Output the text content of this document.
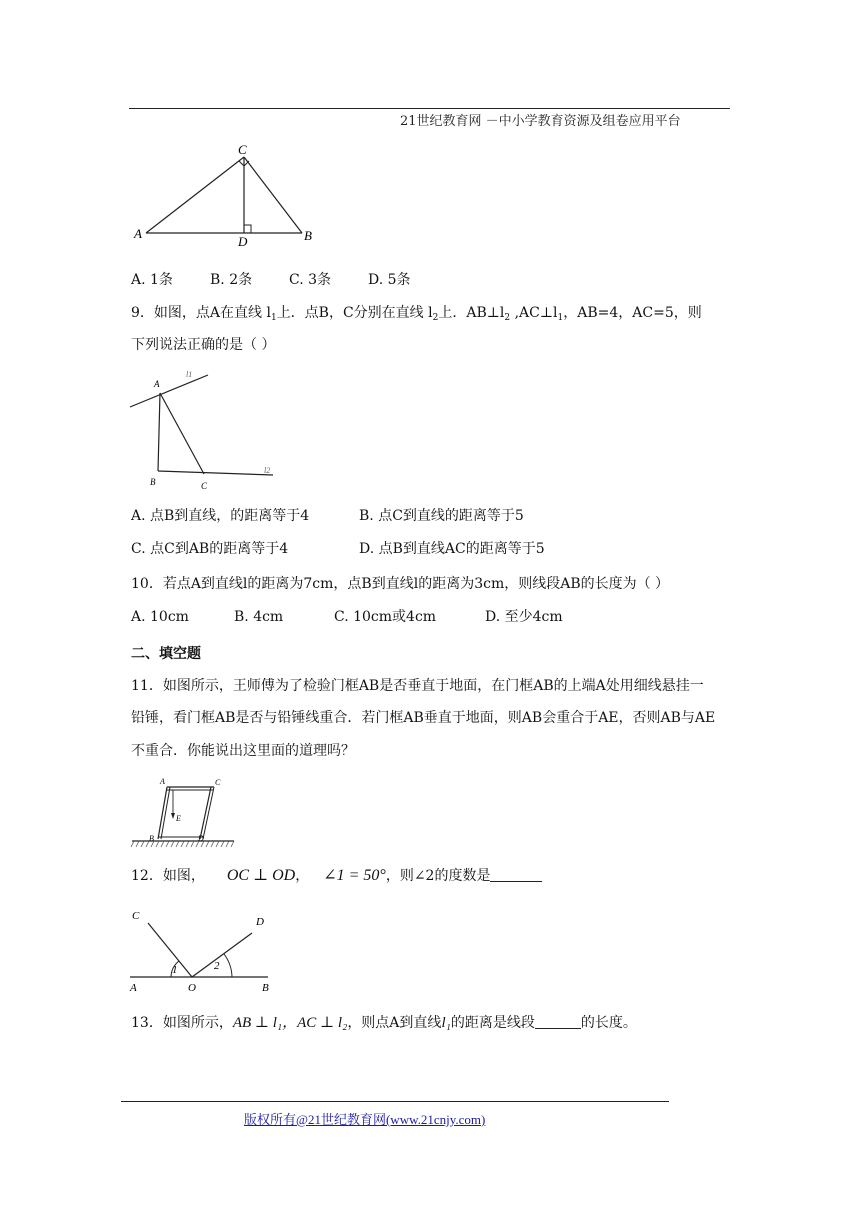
21世纪教育网 －中小学教育资源及组卷应用平台
C
A
D	B
A. 1条	B. 2条	C. 3条	D. 5条
9．如图，点A在直线 $l_1$上．点B，C分别在直线 $l_2$上．$AB\perp l_2$ $,AC\perp l_1$，AB=4，AC=5，则
下列说法正确的是（ ）
A
l1
B	C
l2
A. 点B到直线，的距离等于4	B. 点C到直线的距离等于5
C. 点C到AB的距离等于4	D. 点B到直线AC的距离等于5
10．若点A到直线l的距离为7cm，点B到直线l的距离为3cm，则线段AB的长度为（ ）
A. 10cm	B. 4cm	C. 10cm或4cm	D. 至少4cm
二、填空题
11．如图所示，王师傅为了检验门框AB是否垂直于地面，在门框AB的上端A处用细线悬挂一
铅锤，看门框AB是否与铅锤线重合．若门框AB垂直于地面，则AB会重合于AE，否则AB与AE
不重合．你能说出这里面的道理吗？
A	C
E
B	D
12．如图， OC ⊥ OD， ∠1 = 50°，则∠2的度数是
C	D
1	2
A	O	B
13．如图所示，AB ⊥ l₁，AC ⊥ l₂，则点A到直线l₁的距离是线段	的长度。
版权所有@21世纪教育网(www.21cnjy.com)
